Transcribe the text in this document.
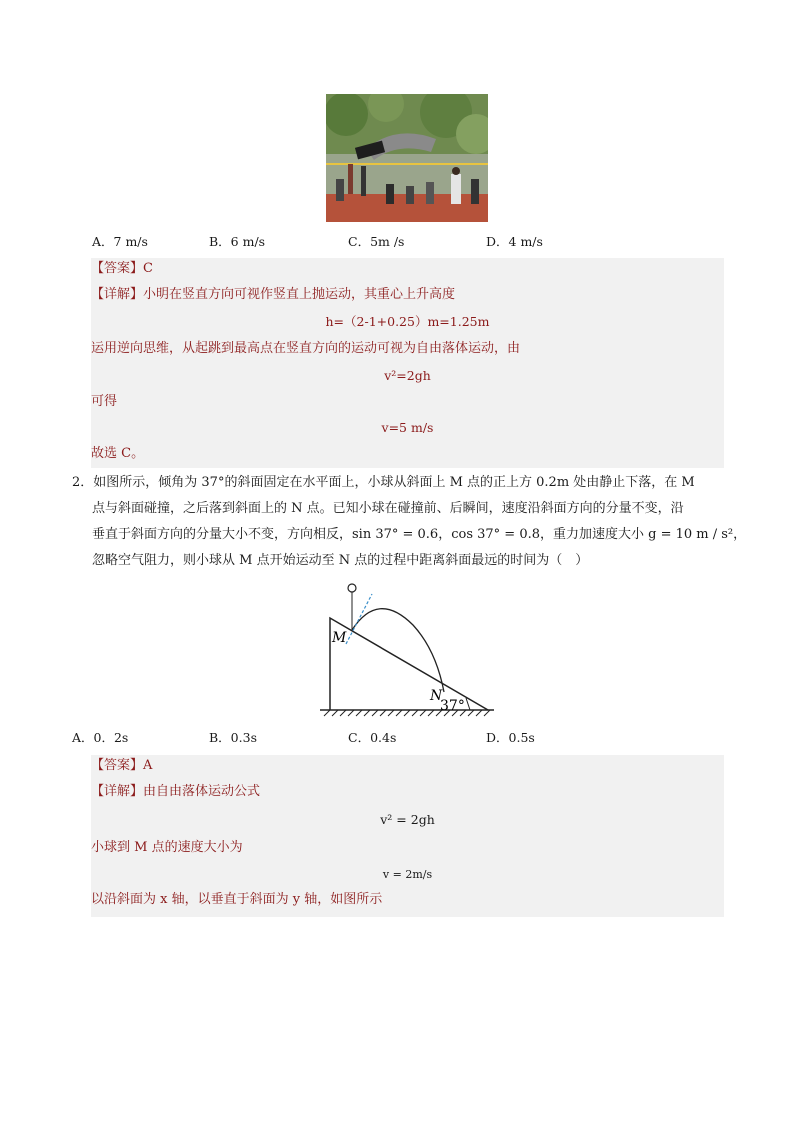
A．7 m/s	B．6 m/s	C．5m /s	D．4 m/s
【答案】C
【详解】小明在竖直方向可视作竖直上抛运动，其重心上升高度
h=（2-1+0.25）m=1.25m
运用逆向思维，从起跳到最高点在竖直方向的运动可视为自由落体运动，由
v²=2gh
可得
v=5 m/s
故选 C。
2．如图所示，倾角为 37°的斜面固定在水平面上，小球从斜面上 M 点的正上方 0.2m 处由静止下落，在 M
点与斜面碰撞，之后落到斜面上的 N 点。已知小球在碰撞前、后瞬间，速度沿斜面方向的分量不变，沿
垂直于斜面方向的分量大小不变，方向相反，sin 37° = 0.6，cos 37° = 0.8，重力加速度大小 g = 10 m / s²，
忽略空气阻力，则小球从 M 点开始运动至 N 点的过程中距离斜面最远的时间为（　）
M
N
37°
A．0．2s	B．0.3s	C．0.4s	D．0.5s
【答案】A
【详解】由自由落体运动公式
v² = 2gh
小球到 M 点的速度大小为
v = 2m/s
以沿斜面为 x 轴，以垂直于斜面为 y 轴，如图所示
